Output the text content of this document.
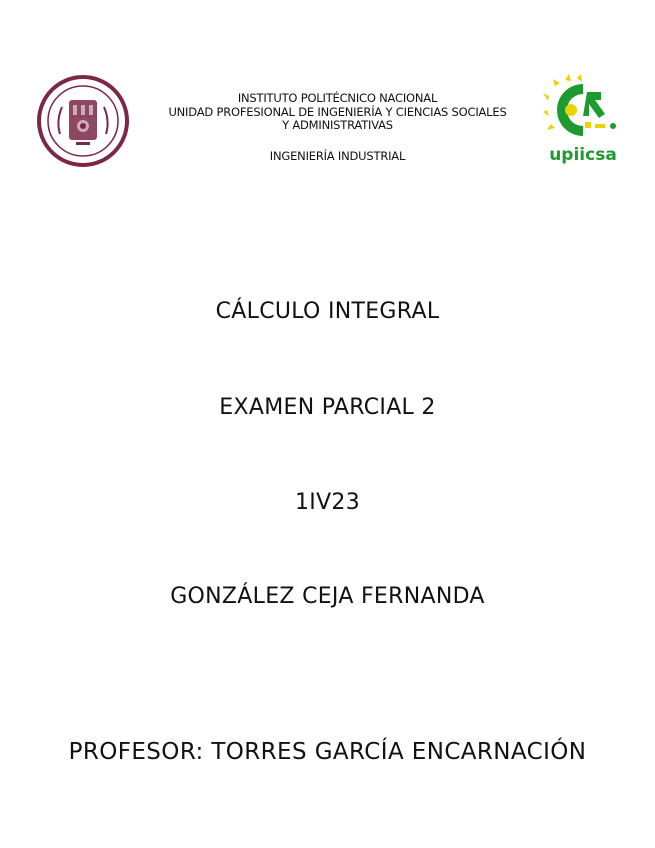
INSTITUTO POLITÉCNICO NACIONAL
UNIDAD PROFESIONAL DE INGENIERÍA Y CIENCIAS SOCIALES
Y ADMINISTRATIVAS
INGENIERÍA INDUSTRIAL	upiicsa
CÁLCULO INTEGRAL
EXAMEN PARCIAL 2
1IV23
GONZÁLEZ CEJA FERNANDA
PROFESOR: TORRES GARCÍA ENCARNACIÓN
